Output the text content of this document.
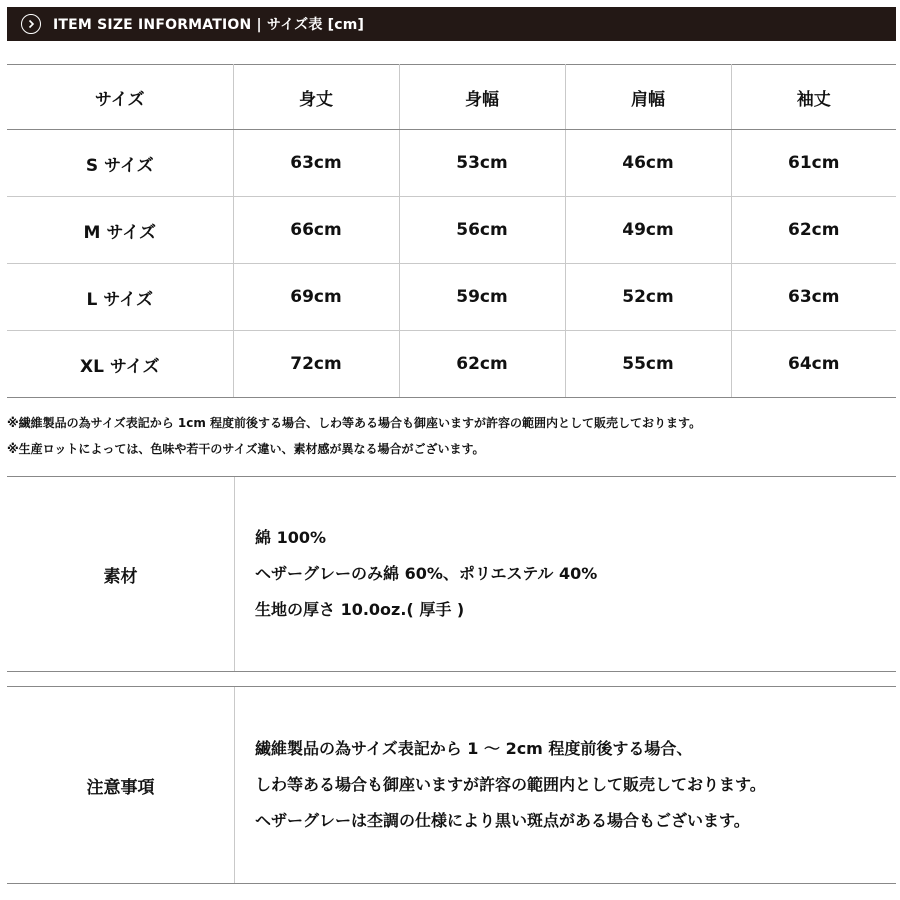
ITEM SIZE INFORMATION | サイズ表 [cm]
サイズ	身丈	身幅	肩幅	袖丈
S サイズ	63cm	53cm	46cm	61cm
M サイズ	66cm	56cm	49cm	62cm
L サイズ	69cm	59cm	52cm	63cm
XL サイズ	72cm	62cm	55cm	64cm
※繊維製品の為サイズ表記から 1cm 程度前後する場合、しわ等ある場合も御座いますが許容の範囲内として販売しております。
※生産ロットによっては、色味や若干のサイズ違い、素材感が異なる場合がございます。
素材
綿 100%
ヘザーグレーのみ綿 60%、ポリエステル 40%
生地の厚さ 10.0oz.( 厚手 )
注意事項
繊維製品の為サイズ表記から 1 ～ 2cm 程度前後する場合、
しわ等ある場合も御座いますが許容の範囲内として販売しております。
ヘザーグレーは杢調の仕様により黒い斑点がある場合もございます。
